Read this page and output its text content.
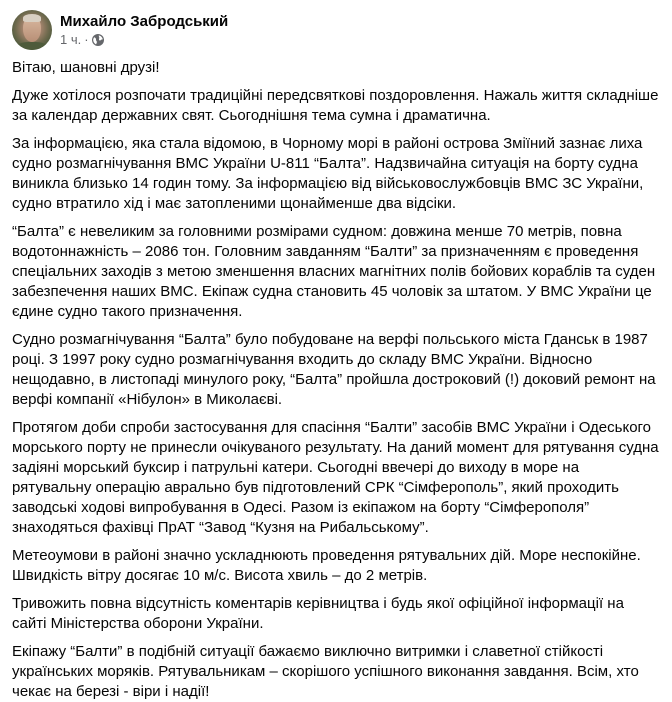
Михайло Забродський
1 ч. ·

Вітаю, шановні друзі!

Дуже хотілося розпочати традиційні передсвяткові поздоровлення. Нажаль життя складніше за календар державних свят. Сьогоднішня тема сумна і драматична.

За інформацією, яка стала відомою, в Чорному морі в районі острова Зміїний зазнає лиха судно розмагнічування ВМС України U-811 “Балта”. Надзвичайна ситуація на борту судна виникла близько 14 годин тому. За інформацією від військовослужбовців ВМС ЗС України, судно втратило хід і має затопленими щонайменше два відсіки.

“Балта” є невеликим за головними розмірами судном: довжина менше 70 метрів, повна водотоннажність – 2086 тон. Головним завданням “Балти” за призначенням є проведення спеціальних заходів з метою зменшення власних магнітних полів бойових кораблів та суден забезпечення наших ВМС. Екіпаж судна становить 45 чоловік за штатом. У ВМС України це єдине судно такого призначення.

Судно розмагнічування “Балта” було побудоване на верфі польського міста Гданськ в 1987 році. З 1997 року судно розмагнічування входить до складу ВМС України. Відносно нещодавно, в листопаді минулого року, “Балта” пройшла достроковий (!) доковий ремонт на верфі компанії «Нібулон» в Миколаєві.

Протягом доби спроби застосування для спасіння “Балти” засобів ВМС України і Одеського морського порту не принесли очікуваного результату. На даний момент для рятування судна задіяні морський буксир і патрульні катери. Сьогодні ввечері до виходу в море на рятувальну операцію аврально був підготовлений СРК “Сімферополь”, який проходить заводські ходові випробування в Одесі. Разом із екіпажом на борту “Сімферополя” знаходяться фахівці ПрАТ “Завод “Кузня на Рибальському”.

Метеоумови в районі значно ускладнюють проведення рятувальних дій. Море неспокійне. Швидкість вітру досягає 10 м/с. Висота хвиль – до 2 метрів.

Тривожить повна відсутність коментарів керівництва і будь якої офіційної інформації на сайті Міністерства оборони України.

Екіпажу “Балти” в подібній ситуації бажаємо виключно витримки і славетної стійкості українських моряків. Рятувальникам – скорішого успішного виконання завдання. Всім, хто чекає на березі - віри і надії!
